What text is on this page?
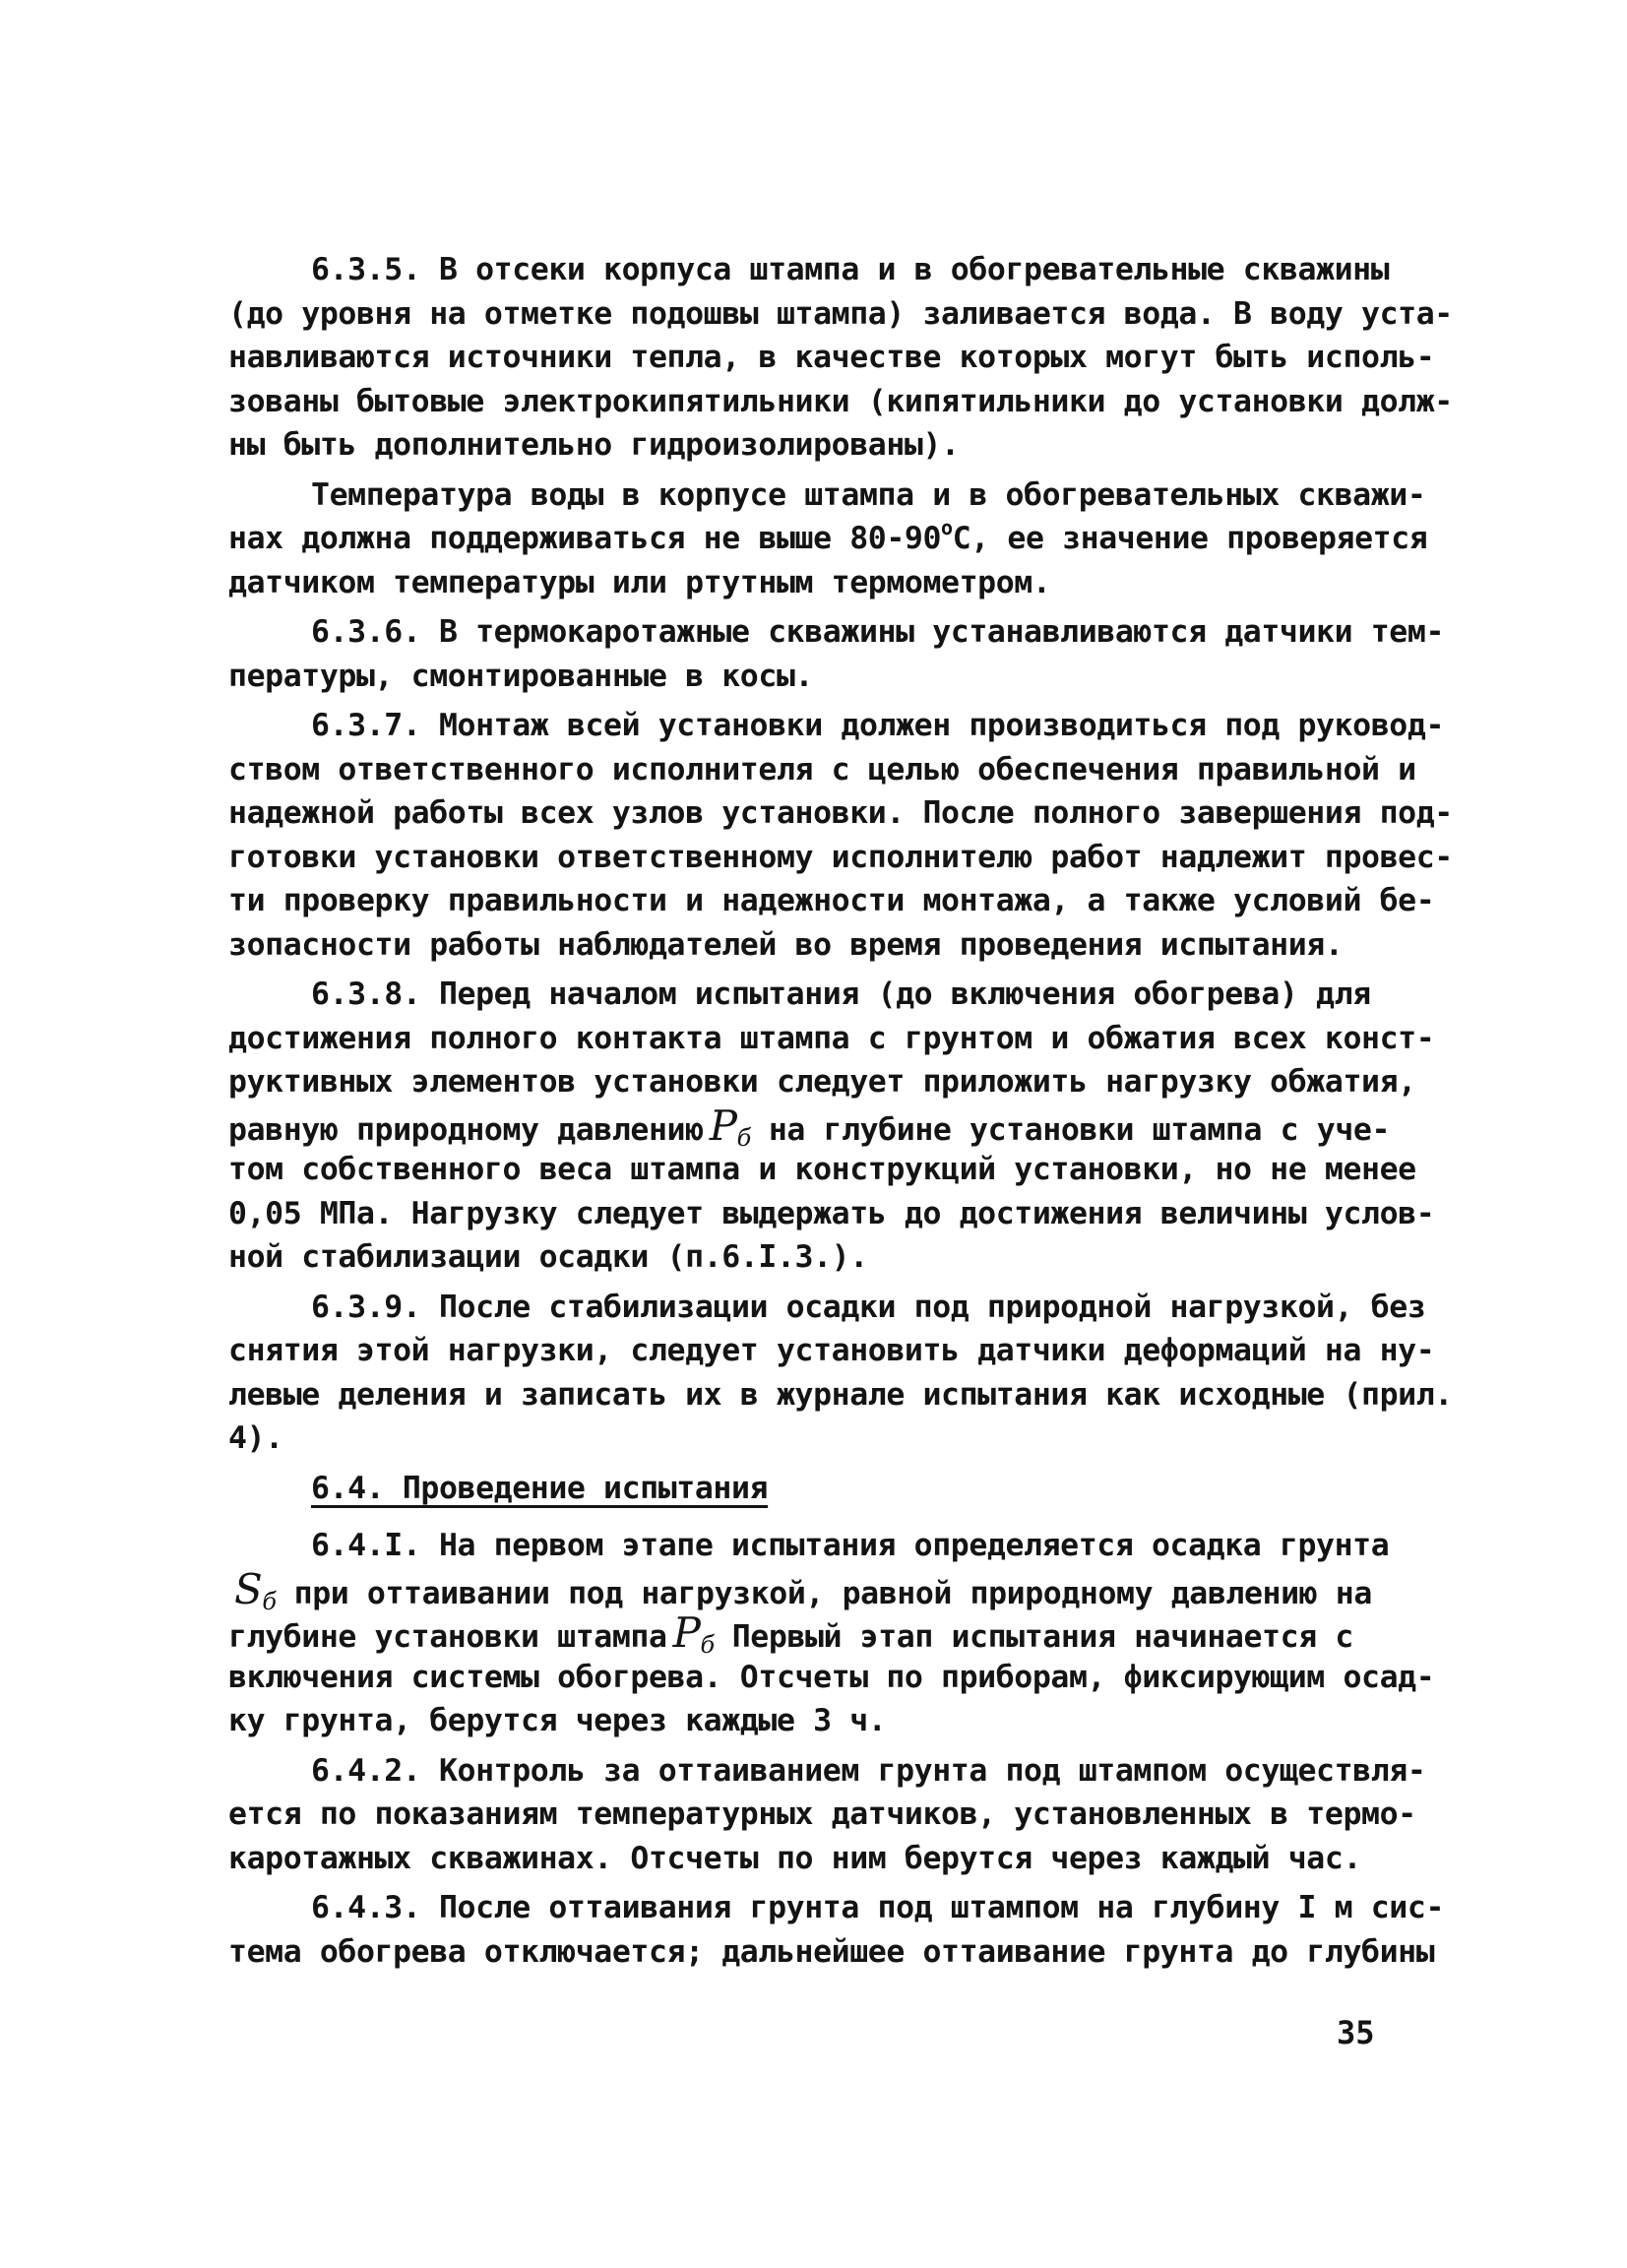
6.3.5. В отсеки корпуса штампа и в обогревательные скважины
(до уровня на отметке подошвы штампа) заливается вода. В воду уста-
навливаются источники тепла, в качестве которых могут быть исполь-
зованы бытовые электрокипятильники (кипятильники до установки долж-
ны быть дополнительно гидроизолированы).
Температура воды в корпусе штампа и в обогревательных скважи-
нах должна поддерживаться не выше 80-90$^o$C, ее значение проверяется
датчиком температуры или ртутным термометром.
6.3.6. В термокаротажные скважины устанавливаются датчики тем-
пературы, смонтированные в косы.
6.3.7. Монтаж всей установки должен производиться под руковод-
ством ответственного исполнителя с целью обеспечения правильной и
надежной работы всех узлов установки. После полного завершения под-
готовки установки ответственному исполнителю работ надлежит провес-
ти проверку правильности и надежности монтажа, а также условий бе-
зопасности работы наблюдателей во время проведения испытания.
6.3.8. Перед началом испытания (до включения обогрева) для
достижения полного контакта штампа с грунтом и обжатия всех конст-
руктивных элементов установки следует приложить нагрузку обжатия,
равную природному давлению $P_б$ на глубине установки штампа с уче-
том собственного веса штампа и конструкций установки, но не менее
0,05 МПа. Нагрузку следует выдержать до достижения величины услов-
ной стабилизации осадки (п.6.I.3.).
6.3.9. После стабилизации осадки под природной нагрузкой, без
снятия этой нагрузки, следует установить датчики деформаций на ну-
левые деления и записать их в журнале испытания как исходные (прил.
4).
6.4. Проведение испытания
6.4.I. На первом этапе испытания определяется осадка грунта
$S_б$ при оттаивании под нагрузкой, равной природному давлению на
глубине установки штампа $P_б$ Первый этап испытания начинается с
включения системы обогрева. Отсчеты по приборам, фиксирующим осад-
ку грунта, берутся через каждые 3 ч.
6.4.2. Контроль за оттаиванием грунта под штампом осуществля-
ется по показаниям температурных датчиков, установленных в термо-
каротажных скважинах. Отсчеты по ним берутся через каждый час.
6.4.3. После оттаивания грунта под штампом на глубину I м сис-
тема обогрева отключается; дальнейшее оттаивание грунта до глубины
35
